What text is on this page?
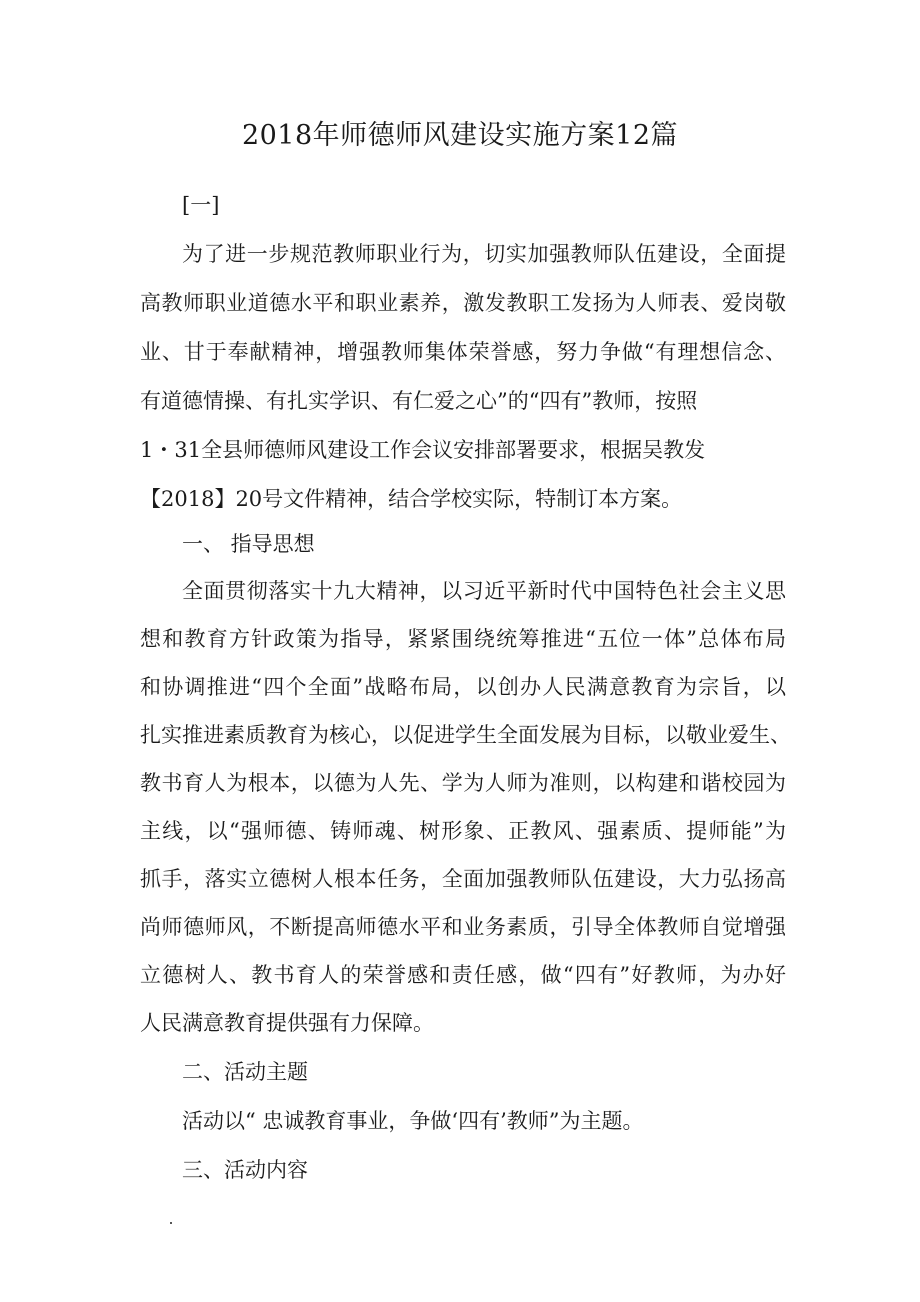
2018年师德师风建设实施方案12篇

[一]

为了进一步规范教师职业行为，切实加强教师队伍建设，全面提

高教师职业道德水平和职业素养，激发教职工发扬为人师表、爱岗敬

业、甘于奉献精神，增强教师集体荣誉感，努力争做“有理想信念、

有道德情操、有扎实学识、有仁爱之心”的“四有”教师，按照

1・31全县师德师风建设工作会议安排部署要求，根据吴教发

【2018】20号文件精神，结合学校实际，特制订本方案。

一、 指导思想

全面贯彻落实十九大精神，以习近平新时代中国特色社会主义思

想和教育方针政策为指导，紧紧围绕统筹推进“五位一体”总体布局

和协调推进“四个全面”战略布局，以创办人民满意教育为宗旨，以

扎实推进素质教育为核心，以促进学生全面发展为目标，以敬业爱生、

教书育人为根本，以德为人先、学为人师为准则，以构建和谐校园为

主线，以“强师德、铸师魂、树形象、正教风、强素质、提师能”为

抓手，落实立德树人根本任务，全面加强教师队伍建设，大力弘扬高

尚师德师风，不断提高师德水平和业务素质，引导全体教师自觉增强

立德树人、教书育人的荣誉感和责任感，做“四有”好教师，为办好

人民满意教育提供强有力保障。

二、活动主题

活动以“ 忠诚教育事业，争做‘四有’教师”为主题。

三、活动内容
